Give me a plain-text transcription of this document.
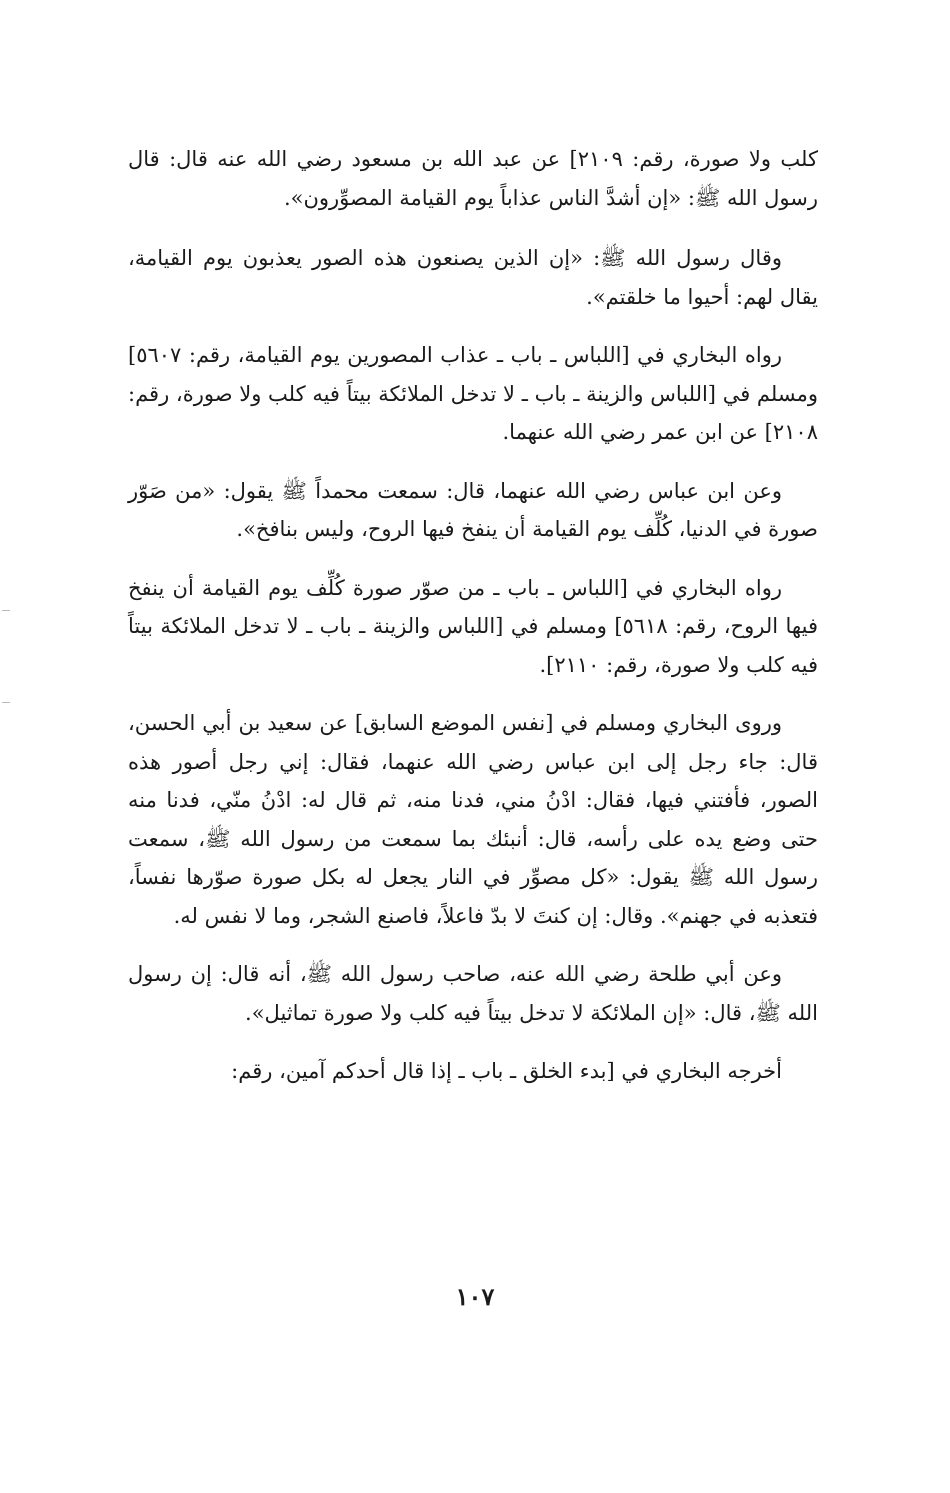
كلب ولا صورة، رقم: ٢١٠٩] عن عبد الله بن مسعود رضي الله عنه قال: قال رسول الله ﷺ: «إن أشدَّ الناس عذاباً يوم القيامة المصوِّرون».

وقال رسول الله ﷺ: «إن الذين يصنعون هذه الصور يعذبون يوم القيامة، يقال لهم: أحيوا ما خلقتم».

رواه البخاري في [اللباس ـ باب ـ عذاب المصورين يوم القيامة، رقم: ٥٦٠٧] ومسلم في [اللباس والزينة ـ باب ـ لا تدخل الملائكة بيتاً فيه كلب ولا صورة، رقم: ٢١٠٨] عن ابن عمر رضي الله عنهما.

وعن ابن عباس رضي الله عنهما، قال: سمعت محمداً ﷺ يقول: «من صَوّر صورة في الدنيا، كُلِّف يوم القيامة أن ينفخ فيها الروح، وليس بنافخ».

رواه البخاري في [اللباس ـ باب ـ من صوّر صورة كُلِّف يوم القيامة أن ينفخ فيها الروح، رقم: ٥٦١٨] ومسلم في [اللباس والزينة ـ باب ـ لا تدخل الملائكة بيتاً فيه كلب ولا صورة، رقم: ٢١١٠].

وروى البخاري ومسلم في [نفس الموضع السابق] عن سعيد بن أبي الحسن، قال: جاء رجل إلى ابن عباس رضي الله عنهما، فقال: إني رجل أصور هذه الصور، فأفتني فيها، فقال: ادْنُ مني، فدنا منه، ثم قال له: ادْنُ منّي، فدنا منه حتى وضع يده على رأسه، قال: أنبئك بما سمعت من رسول الله ﷺ، سمعت رسول الله ﷺ يقول: «كل مصوِّر في النار يجعل له بكل صورة صوّرها نفساً، فتعذبه في جهنم». وقال: إن كنتَ لا بدّ فاعلاً، فاصنع الشجر، وما لا نفس له.

وعن أبي طلحة رضي الله عنه، صاحب رسول الله ﷺ، أنه قال: إن رسول الله ﷺ، قال: «إن الملائكة لا تدخل بيتاً فيه كلب ولا صورة تماثيل».

أخرجه البخاري في [بدء الخلق ـ باب ـ إذا قال أحدكم آمين، رقم:

١٠٧
